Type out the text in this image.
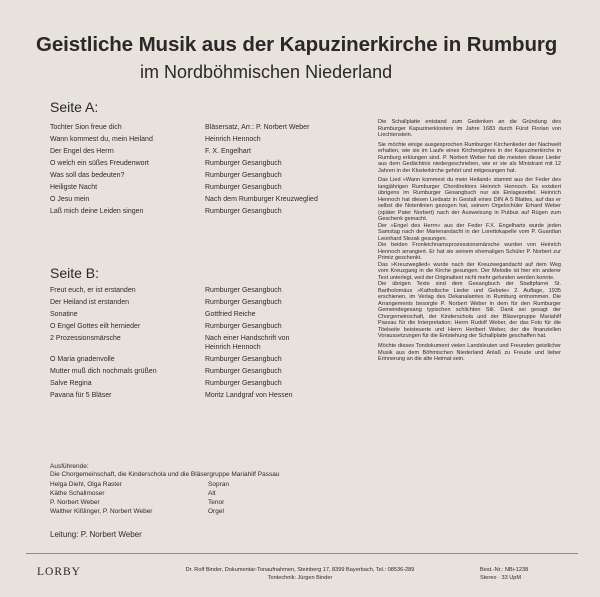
Geistliche Musik aus der Kapuzinerkirche in Rumburg
im Nordböhmischen Niederland
Seite A:
Tochter Sion freue dich	Bläsersatz, Arr.: P. Norbert Weber
Wann kommest du, mein Heiland	Heinrich Hennoch
Der Engel des Herrn	F. X. Engelhart
O welch ein süßes Freudenwort	Rumburger Gesangbuch
Was soll das bedeuten?	Rumburger Gesangbuch
Heiligste Nacht	Rumburger Gesangbuch
O Jesu mein	Nach dem Rumburger Kreuzweglied
Laß mich deine Leiden singen	Rumburger Gesangbuch
Seite B:
Freut euch, er ist erstanden	Rumburger Gesangbuch
Der Heiland ist erstanden	Rumburger Gesangbuch
Sonatine	Gottfried Reiche
O Engel Gottes eilt hernieder	Rumburger Gesangbuch
2 Prozessionsmärsche	Nach einer Handschrift von
Heinrich Hennoch
O Maria gnadenvolle	Rumburger Gesangbuch
Mutter muß dich nochmals grüßen	Rumburger Gesangbuch
Salve Regina	Rumburger Gesangbuch
Pavana für 5 Bläser	Moritz Landgraf von Hessen
Ausführende:
Die Chorgemeinschaft, die Kinderschola und die Bläsergruppe Mariahilf Passau
Helga Diehl, Olga Raster	Sopran
Käthe Schallmoser	Alt
P. Norbert Weber	Tenor
Walther Kißlinger, P. Norbert Weber	Orgel
Leitung: P. Norbert Weber

Die Schallplatte entstand zum Gedenken an die Gründung des Rumburger Kapuzinerklosters im Jahre 1683 durch Fürst Florian von Liechtenstein.

Sie möchte einige ausgesprochen Rumburger Kirchenlieder der Nachwelt erhalten, wie sie im Laufe eines Kirchenjahres in der Kapuzinerkirche in Rumburg erklungen sind. P. Norbert Weber hat die meisten dieser Lieder aus dem Gedächtnis niedergeschrieben, wie er sie als Ministrant mit 12 Jahren in der Klosterkirche gehört und mitgesungen hat.

Das Lied »Wann kommest du mein Heiland« stammt aus der Feder des langjährigen Rumburger Chordirektors Heinrich Hennoch. Es existiert übrigens im Rumburger Gesangbuch nur als Einlagezettel. Heinrich Hennoch hat diesen Liedsatz in Gestalt eines DIN A 5 Blattes, auf das er selbst die Notenlinien gezogen hat, seinem Orgelschüler Erhard Weber (später Pater Norbert) nach der Ausweisung in Putbus auf Rügen zum Geschenk gemacht.

Der »Engel des Herrn« aus der Feder F.X. Engelharts wurde jeden Samstag nach der Marienandacht in der Lorettokapelle vom P. Guardian Leonhard Slezak gesungen.

Die beiden Fronleichnamsprozessionsmärsche wurden von Heinrich Hennoch arrangiert. Er hat sie seinem ehemaligen Schüler P. Norbert zur Primiz geschenkt.

Das »Kreuzweglied« wurde nach der Kreuzwegandacht auf dem Weg vom Kreuzgang in die Kirche gesungen. Der Melodie ist hier ein anderer Text unterlegt, weil der Originaltext nicht mehr gefunden werden konnte.

Die übrigen Texte sind dem Gesangbuch der Stadtpfarrei St. Bartholomäus »Katholische Lieder und Gebete« 2. Auflage, 1935 erschienen, im Verlag des Dekanalamtes in Rumburg entnommen. Die Arrangements besorgte P. Norbert Weber in dem für den Rumburger Gemeindegesang typischen schlichten Stil. Dank sei gesagt der Chorgemeinschaft, der Kinderschola und der Bläsergruppe Mariahilf Passau für die Interpretation; Herrn Rudolf Weber, der das Foto für die Titelseite beisteuerte und Herrn Heribert Weber, der die finanziellen Voraussetzungen für die Entstehung der Schallplatte geschaffen hat.

Möchte dieses Tondokument vielen Landsleuten und Freunden geistlicher Musik aus dem Böhmischen Niederland Anlaß zu Freude und lieber Erinnerung an die alte Heimat sein.

LORBY	Dr. Rolf Binder, Dokumentar-Tonaufnahmen, Steinberg 17, 8399 Bayerbach, Tel.: 08536-289
Tontechnik: Jürgen Binder
Best.-Nr.: NBi-1238
Stereo · 33 UpM
